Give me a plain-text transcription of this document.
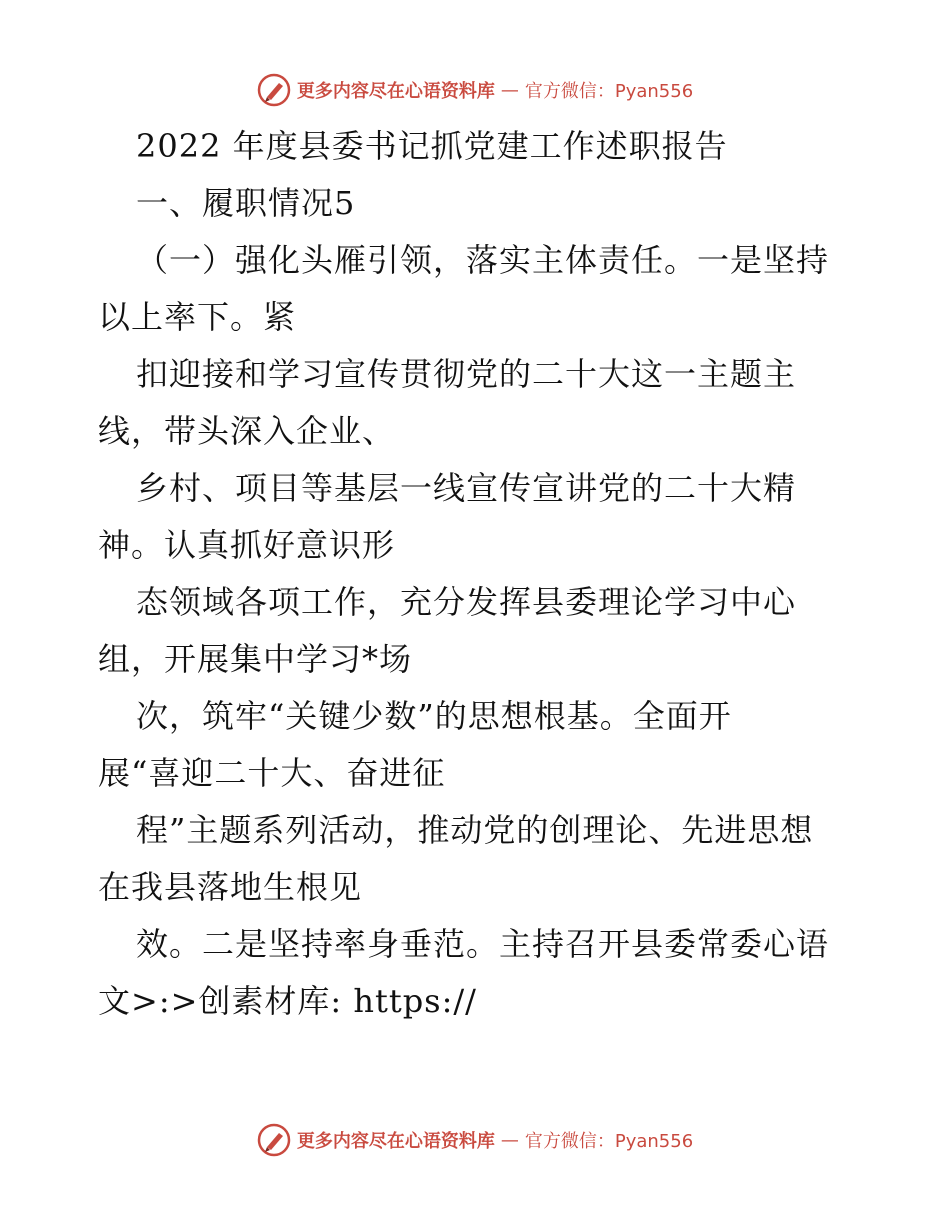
更多内容尽在心语资料库 — 官方微信：Pyan556
2022 年度县委书记抓党建工作述职报告
一、履职情况5
（一）强化头雁引领，落实主体责任。一是坚持
以上率下。紧
扣迎接和学习宣传贯彻党的二十大这一主题主
线，带头深入企业、
乡村、项目等基层一线宣传宣讲党的二十大精
神。认真抓好意识形
态领域各项工作，充分发挥县委理论学习中心
组，开展集中学习*场
次，筑牢“关键少数”的思想根基。全面开
展“喜迎二十大、奋进征
程”主题系列活动，推动党的创理论、先进思想
在我县落地生根见
效。二是坚持率身垂范。主持召开县委常委心语
文>:>创素材库: https://
更多内容尽在心语资料库 — 官方微信：Pyan556
